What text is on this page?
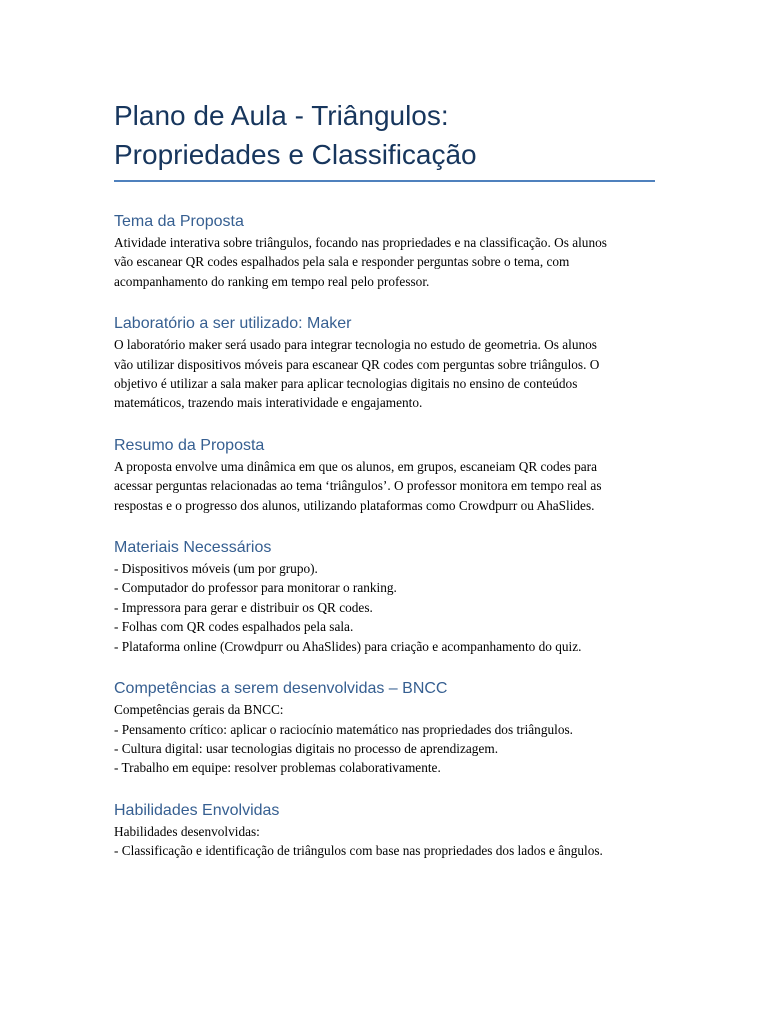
Plano de Aula - Triângulos:
Propriedades e Classificação
Tema da Proposta
Atividade interativa sobre triângulos, focando nas propriedades e na classificação. Os alunos
vão escanear QR codes espalhados pela sala e responder perguntas sobre o tema, com
acompanhamento do ranking em tempo real pelo professor.
Laboratório a ser utilizado: Maker
O laboratório maker será usado para integrar tecnologia no estudo de geometria. Os alunos
vão utilizar dispositivos móveis para escanear QR codes com perguntas sobre triângulos. O
objetivo é utilizar a sala maker para aplicar tecnologias digitais no ensino de conteúdos
matemáticos, trazendo mais interatividade e engajamento.
Resumo da Proposta
A proposta envolve uma dinâmica em que os alunos, em grupos, escaneiam QR codes para
acessar perguntas relacionadas ao tema ‘triângulos’. O professor monitora em tempo real as
respostas e o progresso dos alunos, utilizando plataformas como Crowdpurr ou AhaSlides.
Materiais Necessários
- Dispositivos móveis (um por grupo).
- Computador do professor para monitorar o ranking.
- Impressora para gerar e distribuir os QR codes.
- Folhas com QR codes espalhados pela sala.
- Plataforma online (Crowdpurr ou AhaSlides) para criação e acompanhamento do quiz.
Competências a serem desenvolvidas – BNCC
Competências gerais da BNCC:
- Pensamento crítico: aplicar o raciocínio matemático nas propriedades dos triângulos.
- Cultura digital: usar tecnologias digitais no processo de aprendizagem.
- Trabalho em equipe: resolver problemas colaborativamente.
Habilidades Envolvidas
Habilidades desenvolvidas:
- Classificação e identificação de triângulos com base nas propriedades dos lados e ângulos.
